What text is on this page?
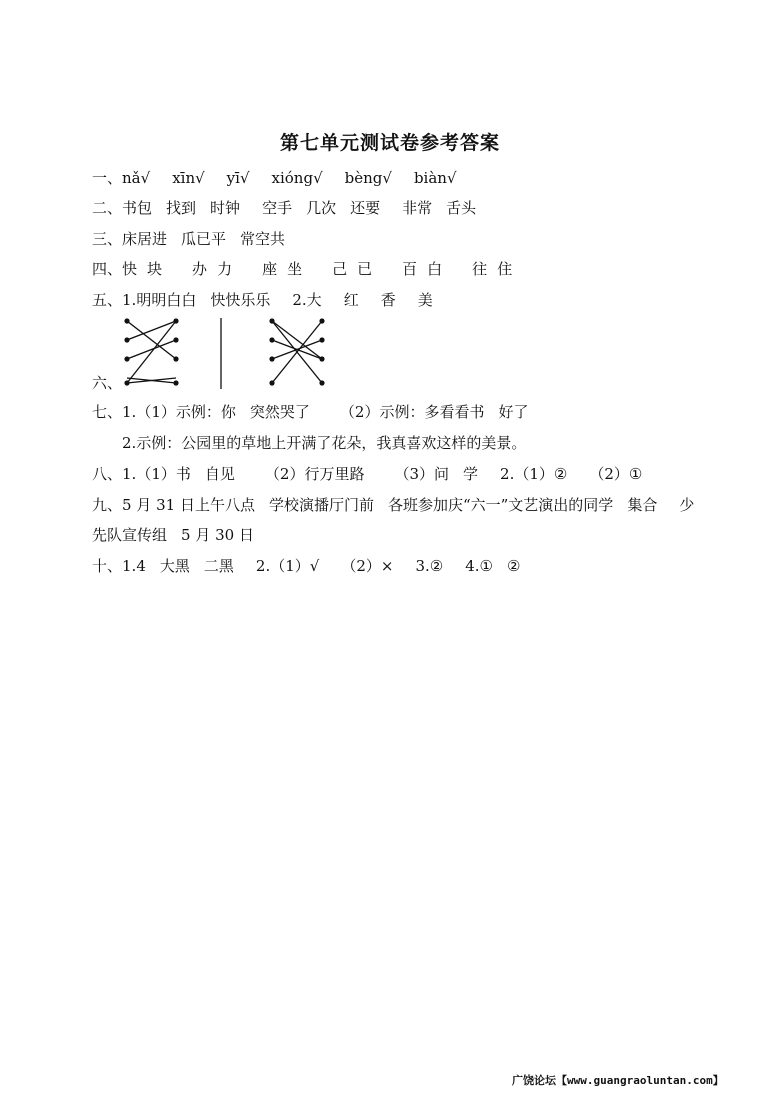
第七单元测试卷参考答案
一、nǎ√ xīn√ yī√ xióng√ bèng√ biàn√
二、书包 找到 时钟 空手 几次 还要 非常 舌头
三、床居进 瓜已平 常空共
四、快 块 办 力 座 坐 己 已 百 白 往 住
五、1.明明白白 快快乐乐 2.大 红 香 美
六、
七、1.（1）示例：你 突然哭了 （2）示例：多看看书 好了
2.示例：公园里的草地上开满了花朵，我真喜欢这样的美景。
八、1.（1）书 自见 （2）行万里路 （3）问 学 2.（1）② （2）①
九、5 月 31 日上午八点 学校演播厅门前 各班参加庆“六一”文艺演出的同学 集合 少
先队宣传组 5 月 30 日
十、1.4 大黑 二黑 2.（1）√ （2）× 3.② 4.① ②
广饶论坛【www.guangraoluntan.com】
